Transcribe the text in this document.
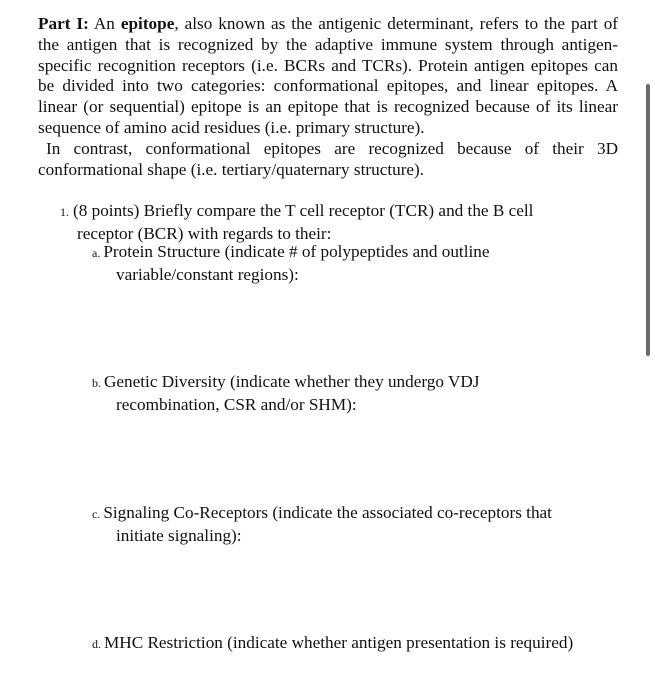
Part I: An epitope, also known as the antigenic determinant, refers to the part of the antigen that is recognized by the adaptive immune system through antigen-specific recognition receptors (i.e. BCRs and TCRs). Protein antigen epitopes can be divided into two categories: conformational epitopes, and linear epitopes. A linear (or sequential) epitope is an epitope that is recognized because of its linear sequence of amino acid residues (i.e. primary structure).
In contrast, conformational epitopes are recognized because of their 3D conformational shape (i.e. tertiary/quaternary structure).

1. (8 points) Briefly compare the T cell receptor (TCR) and the B cell
receptor (BCR) with regards to their:
a. Protein Structure (indicate # of polypeptides and outline
variable/constant regions):
b. Genetic Diversity (indicate whether they undergo VDJ
recombination, CSR and/or SHM):
c. Signaling Co-Receptors (indicate the associated co-receptors that
initiate signaling):
d. MHC Restriction (indicate whether antigen presentation is required)
